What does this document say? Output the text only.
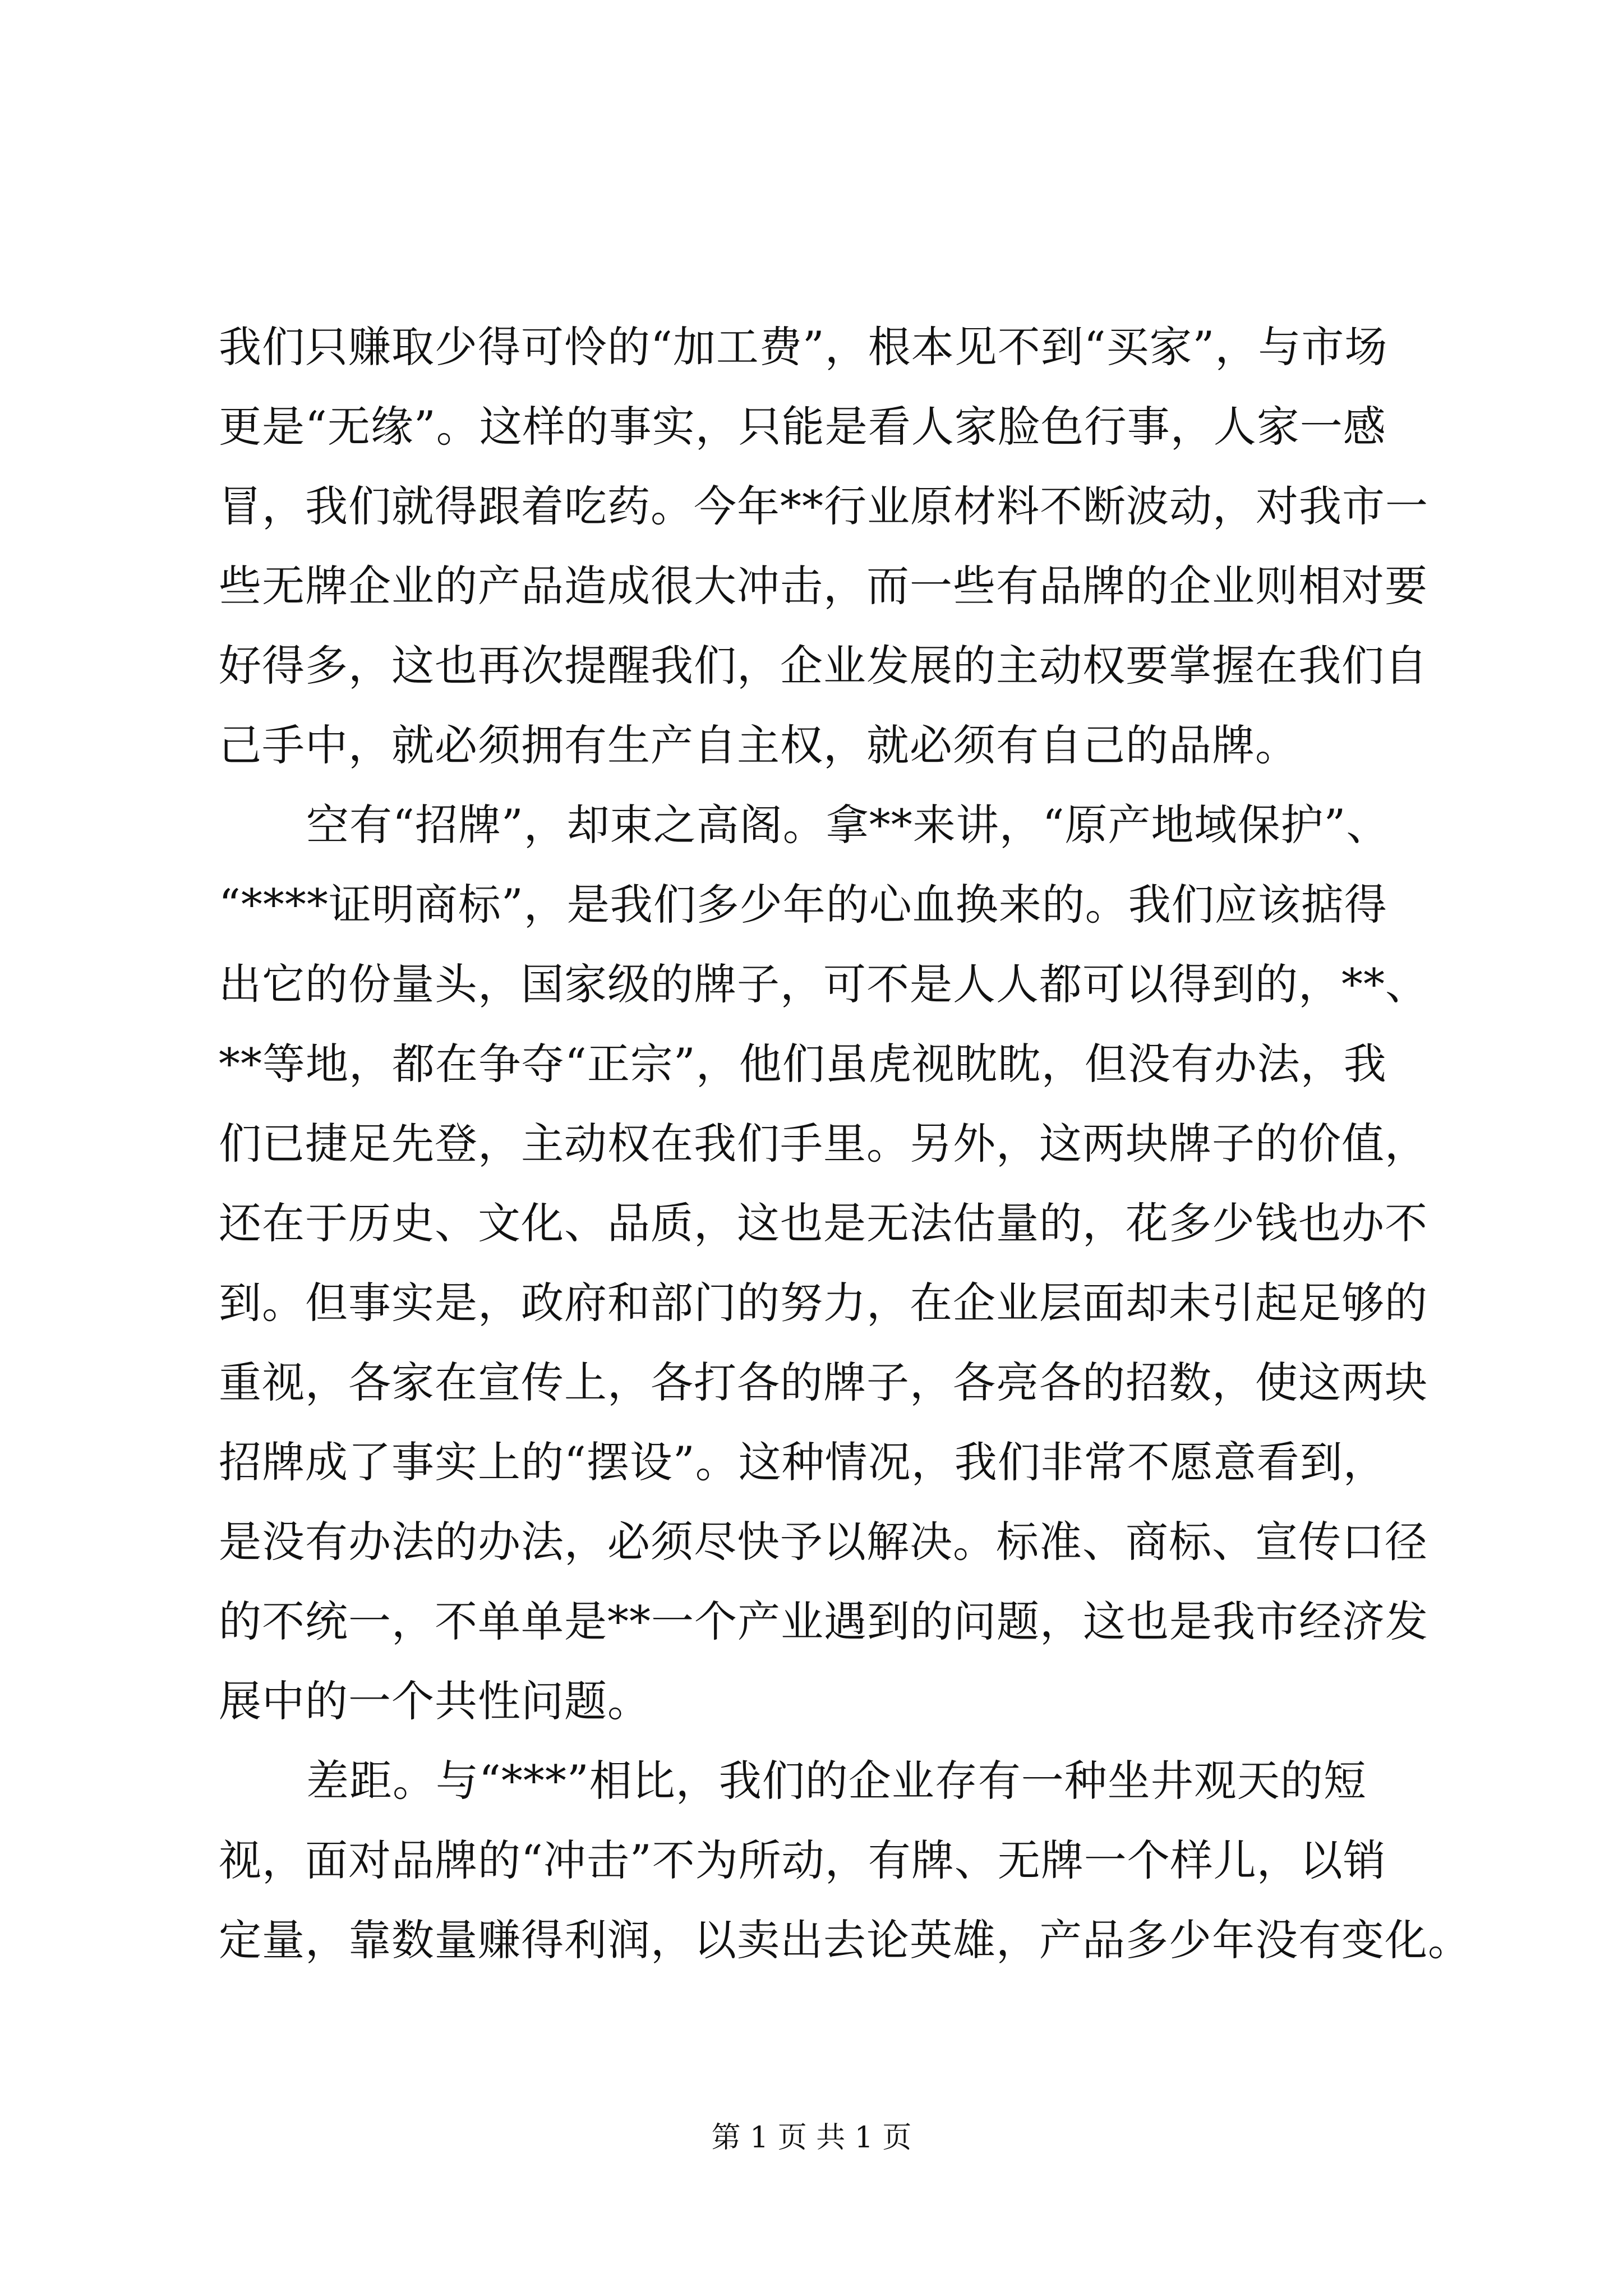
我们只赚取少得可怜的“加工费”，根本见不到“买家”，与市场
更是“无缘”。这样的事实，只能是看人家脸色行事，人家一感
冒，我们就得跟着吃药。今年**行业原材料不断波动，对我市一
些无牌企业的产品造成很大冲击，而一些有品牌的企业则相对要
好得多，这也再次提醒我们，企业发展的主动权要掌握在我们自
己手中，就必须拥有生产自主权，就必须有自己的品牌。
空有“招牌”，却束之高阁。拿**来讲，“原产地域保护”、
“****证明商标”，是我们多少年的心血换来的。我们应该掂得
出它的份量头，国家级的牌子，可不是人人都可以得到的，**、
**等地，都在争夺“正宗”，他们虽虎视眈眈，但没有办法，我
们已捷足先登，主动权在我们手里。另外，这两块牌子的价值，
还在于历史、文化、品质，这也是无法估量的，花多少钱也办不
到。但事实是，政府和部门的努力，在企业层面却未引起足够的
重视，各家在宣传上，各打各的牌子，各亮各的招数，使这两块
招牌成了事实上的“摆设”。这种情况，我们非常不愿意看到，
是没有办法的办法，必须尽快予以解决。标准、商标、宣传口径
的不统一，不单单是**一个产业遇到的问题，这也是我市经济发
展中的一个共性问题。
差距。与“***”相比，我们的企业存有一种坐井观天的短
视，面对品牌的“冲击”不为所动，有牌、无牌一个样儿，以销
定量，靠数量赚得利润，以卖出去论英雄，产品多少年没有变化。
第 1 页 共 1 页
